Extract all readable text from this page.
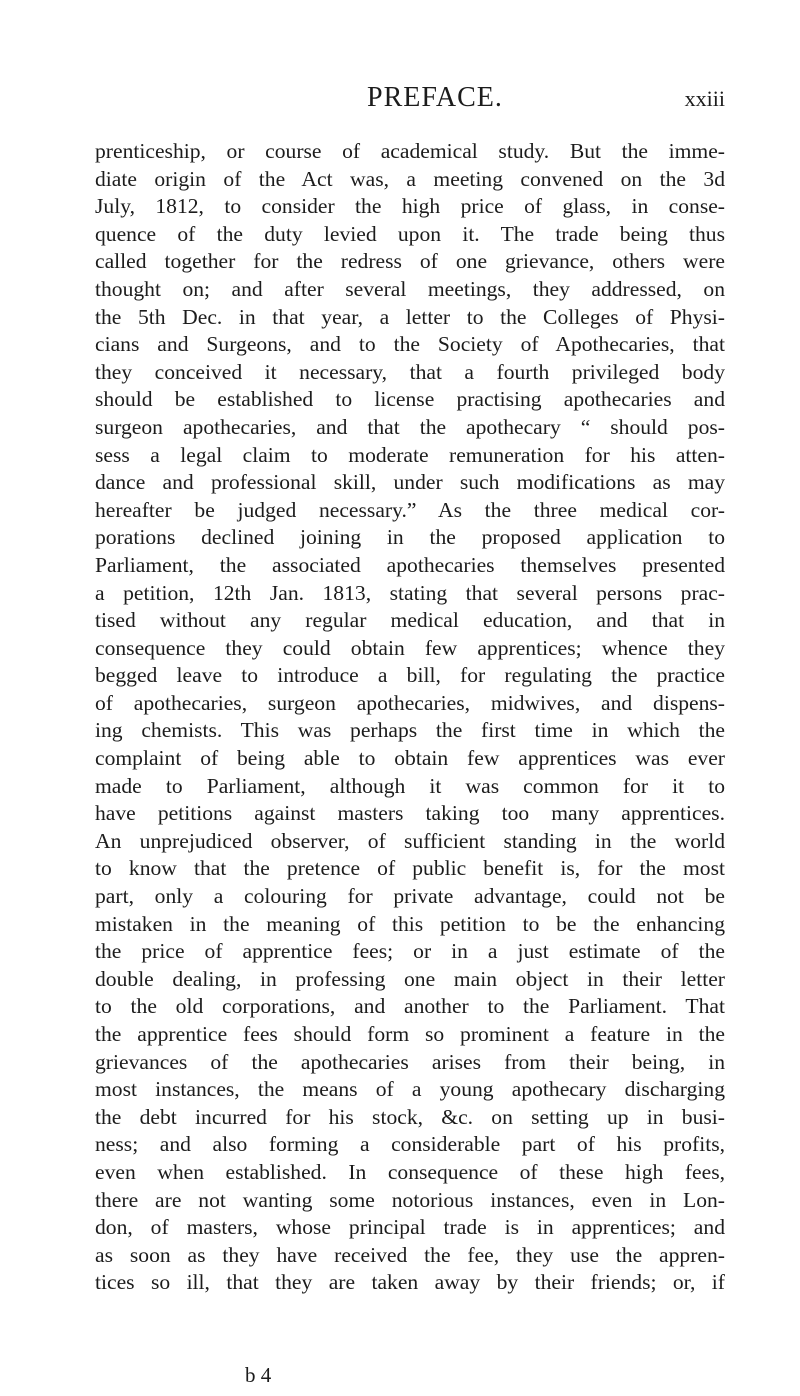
PREFACE.	xxiii
prenticeship, or course of academical study. But the imme-
diate origin of the Act was, a meeting convened on the 3d
July, 1812, to consider the high price of glass, in conse-
quence of the duty levied upon it. The trade being thus
called together for the redress of one grievance, others were
thought on; and after several meetings, they addressed, on
the 5th Dec. in that year, a letter to the Colleges of Physi-
cians and Surgeons, and to the Society of Apothecaries, that
they conceived it necessary, that a fourth privileged body
should be established to license practising apothecaries and
surgeon apothecaries, and that the apothecary “ should pos-
sess a legal claim to moderate remuneration for his atten-
dance and professional skill, under such modifications as may
hereafter be judged necessary.” As the three medical cor-
porations declined joining in the proposed application to
Parliament, the associated apothecaries themselves presented
a petition, 12th Jan. 1813, stating that several persons prac-
tised without any regular medical education, and that in
consequence they could obtain few apprentices; whence they
begged leave to introduce a bill, for regulating the practice
of apothecaries, surgeon apothecaries, midwives, and dispens-
ing chemists. This was perhaps the first time in which the
complaint of being able to obtain few apprentices was ever
made to Parliament, although it was common for it to
have petitions against masters taking too many apprentices.
An unprejudiced observer, of sufficient standing in the world
to know that the pretence of public benefit is, for the most
part, only a colouring for private advantage, could not be
mistaken in the meaning of this petition to be the enhancing
the price of apprentice fees; or in a just estimate of the
double dealing, in professing one main object in their letter
to the old corporations, and another to the Parliament. That
the apprentice fees should form so prominent a feature in the
grievances of the apothecaries arises from their being, in
most instances, the means of a young apothecary discharging
the debt incurred for his stock, &c. on setting up in busi-
ness; and also forming a considerable part of his profits,
even when established. In consequence of these high fees,
there are not wanting some notorious instances, even in Lon-
don, of masters, whose principal trade is in apprentices; and
as soon as they have received the fee, they use the appren-
tices so ill, that they are taken away by their friends; or, if
b 4
